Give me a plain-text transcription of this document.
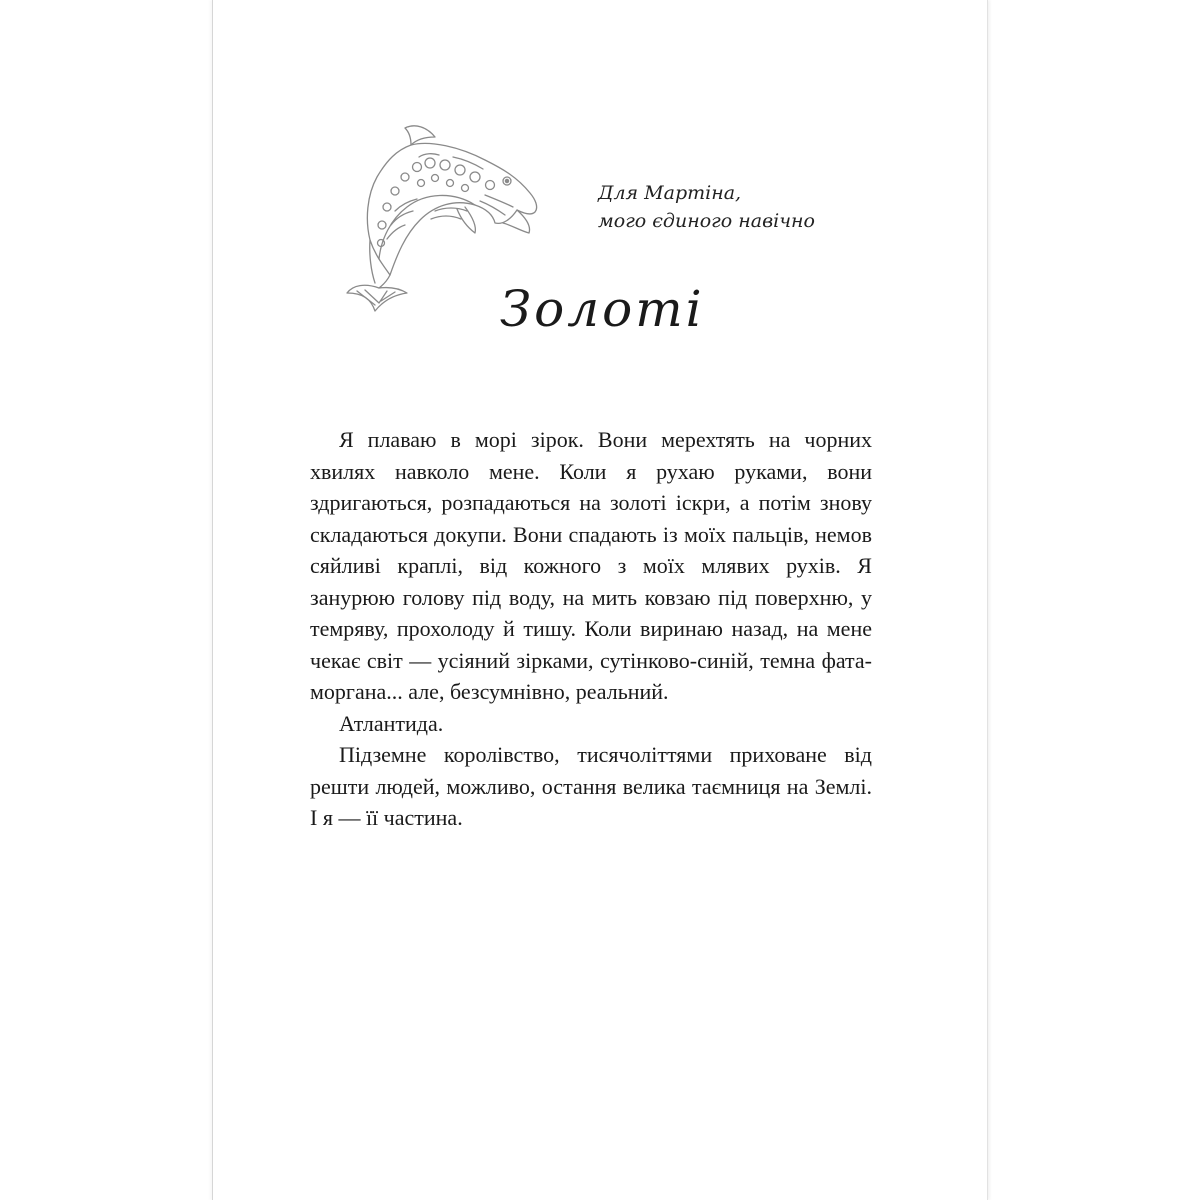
Для Мартіна,
мого єдиного навічно
Золоті

Я плаваю в морі зірок. Вони мерехтять на чорних хвилях навколо мене. Коли я рухаю руками, вони здригаються, розпадаються на золоті іскри, а потім знову складаються докупи. Вони спадають із моїх пальців, немов сяйливі краплі, від кожного з моїх млявих рухів. Я занурюю голову під воду, на мить ковзаю під поверхню, у темряву, прохолоду й тишу. Коли виринаю назад, на мене чекає світ — усіяний зірками, сутінково-синій, темна фата-моргана... але, безсумнівно, реальний.

Атлантида.

Підземне королівство, тисячоліттями приховане від решти людей, можливо, остання велика таємниця на Землі. І я — її частина.
